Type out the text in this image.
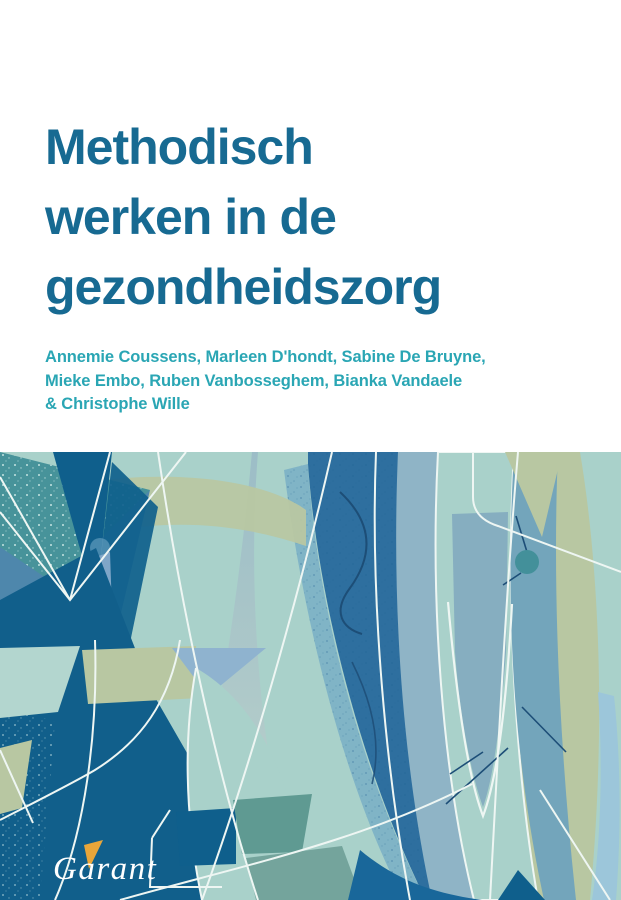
Methodisch
werken in de
gezondheidszorg

Annemie Coussens, Marleen D'hondt, Sabine De Bruyne,
Mieke Embo, Ruben Vanbosseghem, Bianka Vandaele
& Christophe Wille

Garant
